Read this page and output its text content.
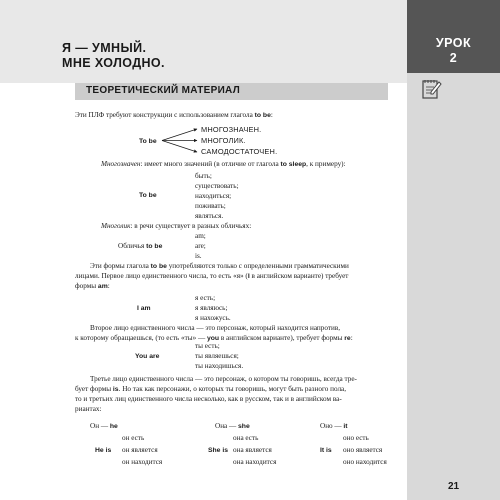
УРОК
2
Я — УМНЫЙ.
МНЕ ХОЛОДНО.
21
ТЕОРЕТИЧЕСКИЙ МАТЕРИАЛ
Эти ПЛФ требуют конструкции с использованием глагола to be:
To be
МНОГОЗНАЧЕН.
МНОГОЛИК.
САМОДОСТАТОЧЕН.
Многозначен: имеет много значений (в отличие от глагола to sleep, к примеру):
To be
быть;
существовать;
находиться;
поживать;
являться.
Многолик: в речи существует в разных обличьях:
Обличья to be
am;
are;
is.
Эти формы глагола to be употребляются только с определенными грамматическими
лицами. Первое лицо единственного числа, то есть «я» (I в английском варианте) требует
формы am:
I am
я есть;
я являюсь;
я нахожусь.
Второе лицо единственного числа — это персонаж, который находится напротив,
к которому обращаешься, (то есть «ты» — you в английском варианте), требует формы re:
You are
ты есть;
ты являешься;
ты находишься.
Третье лицо единственного числа — это персонаж, о котором ты говоришь, всегда тре-
бует формы is. Но так как персонажи, о которых ты говоришь, могут быть разного пола,
то и третьих лиц единственного числа несколько, как в русском, так и в английском ва-
риантах:
Он — he
He is
он есть
он является
он находится
Она — she
She is
она есть
она является
она находится
Оно — it
It is
оно есть
оно является
оно находится
